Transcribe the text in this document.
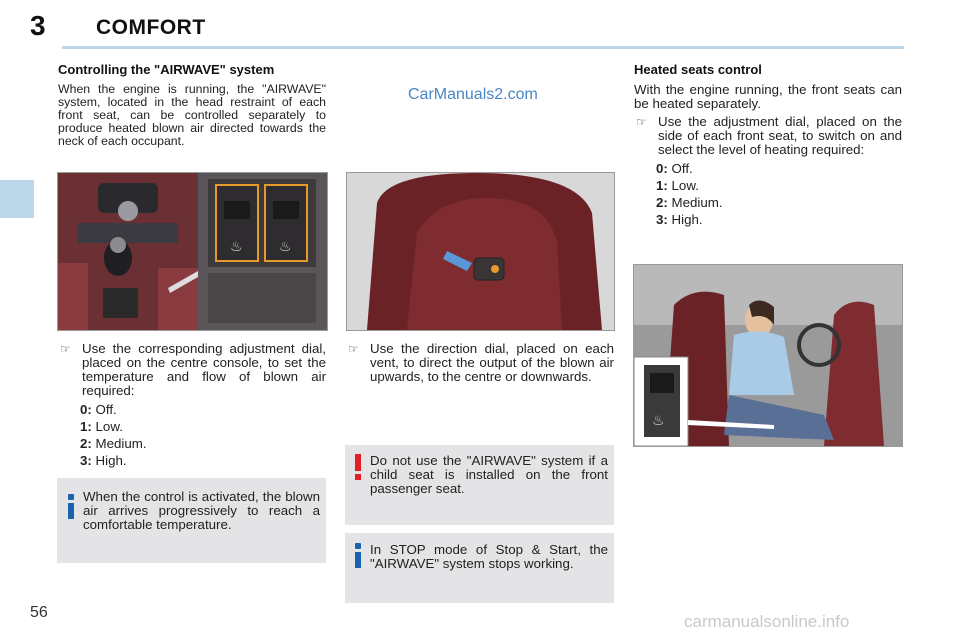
3 COMFORT
CarManuals2.com
Controlling the "AIRWAVE" system

When the engine is running, the "AIRWAVE" system, located in the head restraint of each front seat, can be controlled separately to produce heated blown air directed towards the neck of each occupant.

♨	♨
♨
☞ Use the corresponding adjustment dial, placed on the centre console, to set the temperature and flow of blown air required:
0: Off.
1: Low.
2: Medium.
3: High.
☞ Use the direction dial, placed on each vent, to direct the output of the blown air upwards, to the centre or downwards.
When the control is activated, the blown air arrives progressively to reach a comfortable temperature.
Do not use the "AIRWAVE" system if a child seat is installed on the front passenger seat.
In STOP mode of Stop & Start, the "AIRWAVE" system stops working.
Heated seats control

With the engine running, the front seats can be heated separately.

☞ Use the adjustment dial, placed on the side of each front seat, to switch on and select the level of heating required:
0: Off.
1: Low.
2: Medium.
3: High.
56	carmanualsonline.info
